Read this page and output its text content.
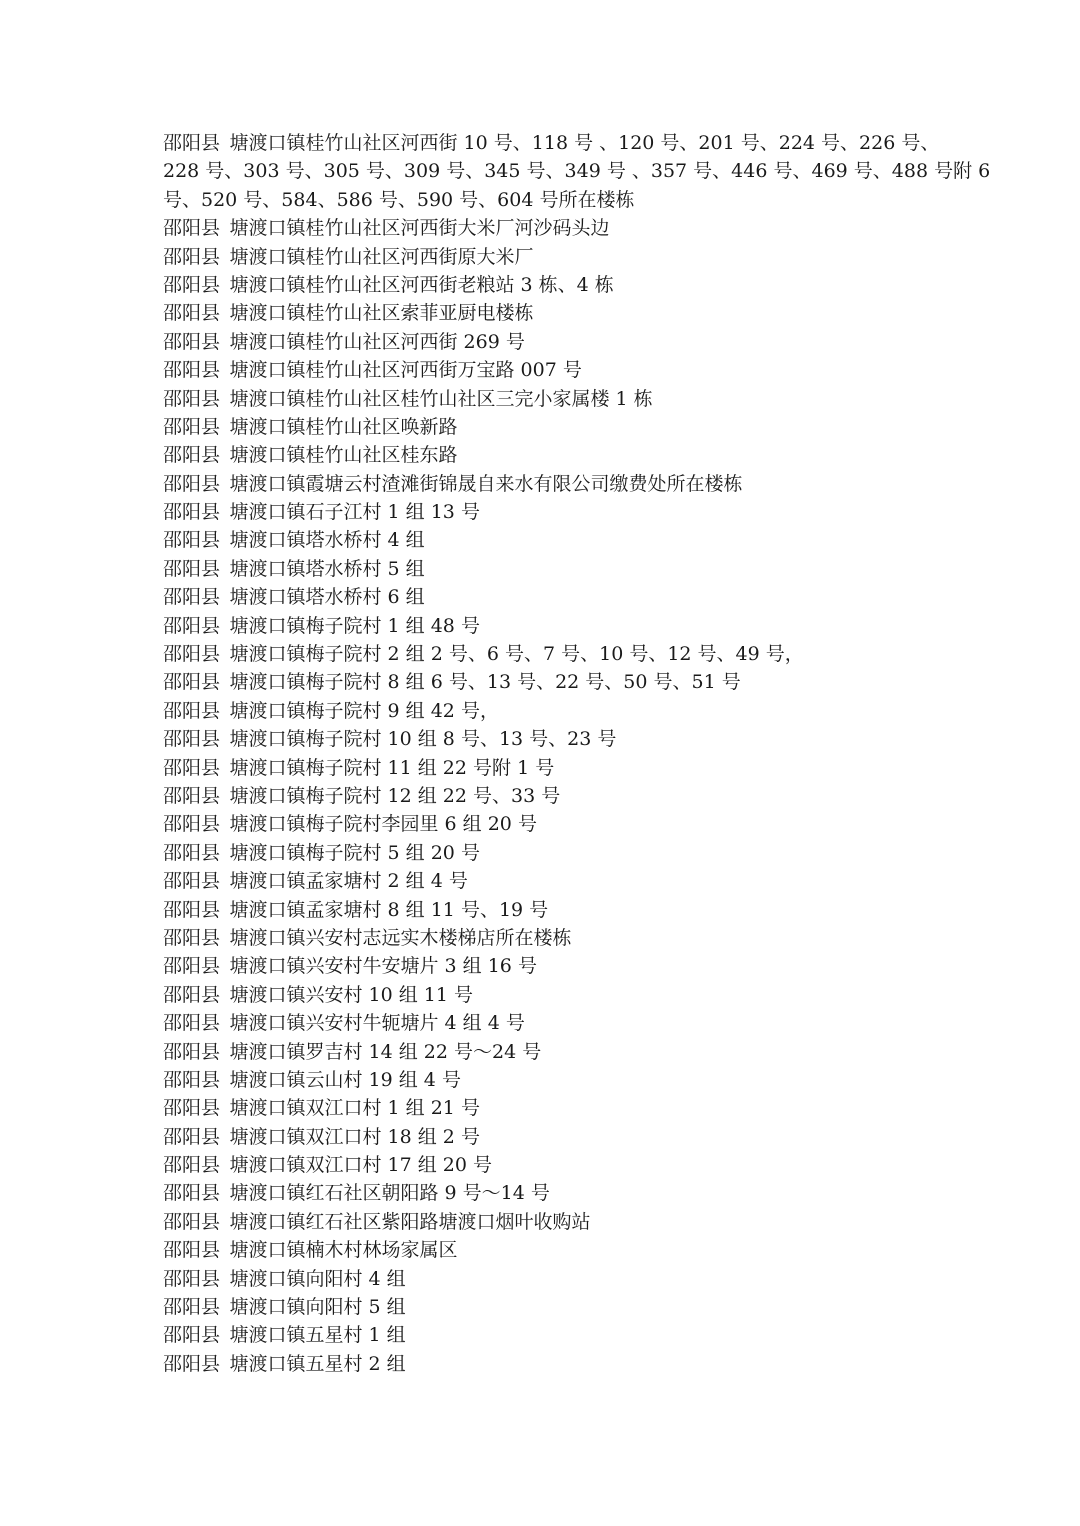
邵阳县 塘渡口镇桂竹山社区河西街 10 号、118 号 、120 号、201 号、224 号、226 号、
228 号、303 号、305 号、309 号、345 号、349 号 、357 号、446 号、469 号、488 号附 6
号、520 号、584、586 号、590 号、604 号所在楼栋
邵阳县 塘渡口镇桂竹山社区河西街大米厂河沙码头边
邵阳县 塘渡口镇桂竹山社区河西街原大米厂
邵阳县 塘渡口镇桂竹山社区河西街老粮站 3 栋、4 栋
邵阳县 塘渡口镇桂竹山社区索菲亚厨电楼栋
邵阳县 塘渡口镇桂竹山社区河西街 269 号
邵阳县 塘渡口镇桂竹山社区河西街万宝路 007 号
邵阳县 塘渡口镇桂竹山社区桂竹山社区三完小家属楼 1 栋
邵阳县 塘渡口镇桂竹山社区唤新路
邵阳县 塘渡口镇桂竹山社区桂东路
邵阳县 塘渡口镇霞塘云村渣滩街锦晟自来水有限公司缴费处所在楼栋
邵阳县 塘渡口镇石子江村 1 组 13 号
邵阳县 塘渡口镇塔水桥村 4 组
邵阳县 塘渡口镇塔水桥村 5 组
邵阳县 塘渡口镇塔水桥村 6 组
邵阳县 塘渡口镇梅子院村 1 组 48 号
邵阳县 塘渡口镇梅子院村 2 组 2 号、6 号、7 号、10 号、12 号、49 号，
邵阳县 塘渡口镇梅子院村 8 组 6 号、13 号、22 号、50 号、51 号
邵阳县 塘渡口镇梅子院村 9 组 42 号，
邵阳县 塘渡口镇梅子院村 10 组 8 号、13 号、23 号
邵阳县 塘渡口镇梅子院村 11 组 22 号附 1 号
邵阳县 塘渡口镇梅子院村 12 组 22 号、33 号
邵阳县 塘渡口镇梅子院村李园里 6 组 20 号
邵阳县 塘渡口镇梅子院村 5 组 20 号
邵阳县 塘渡口镇孟家塘村 2 组 4 号
邵阳县 塘渡口镇孟家塘村 8 组 11 号、19 号
邵阳县 塘渡口镇兴安村志远实木楼梯店所在楼栋
邵阳县 塘渡口镇兴安村牛安塘片 3 组 16 号
邵阳县 塘渡口镇兴安村 10 组 11 号
邵阳县 塘渡口镇兴安村牛轭塘片 4 组 4 号
邵阳县 塘渡口镇罗吉村 14 组 22 号～24 号
邵阳县 塘渡口镇云山村 19 组 4 号
邵阳县 塘渡口镇双江口村 1 组 21 号
邵阳县 塘渡口镇双江口村 18 组 2 号
邵阳县 塘渡口镇双江口村 17 组 20 号
邵阳县 塘渡口镇红石社区朝阳路 9 号～14 号
邵阳县 塘渡口镇红石社区紫阳路塘渡口烟叶收购站
邵阳县 塘渡口镇楠木村林场家属区
邵阳县 塘渡口镇向阳村 4 组
邵阳县 塘渡口镇向阳村 5 组
邵阳县 塘渡口镇五星村 1 组
邵阳县 塘渡口镇五星村 2 组
